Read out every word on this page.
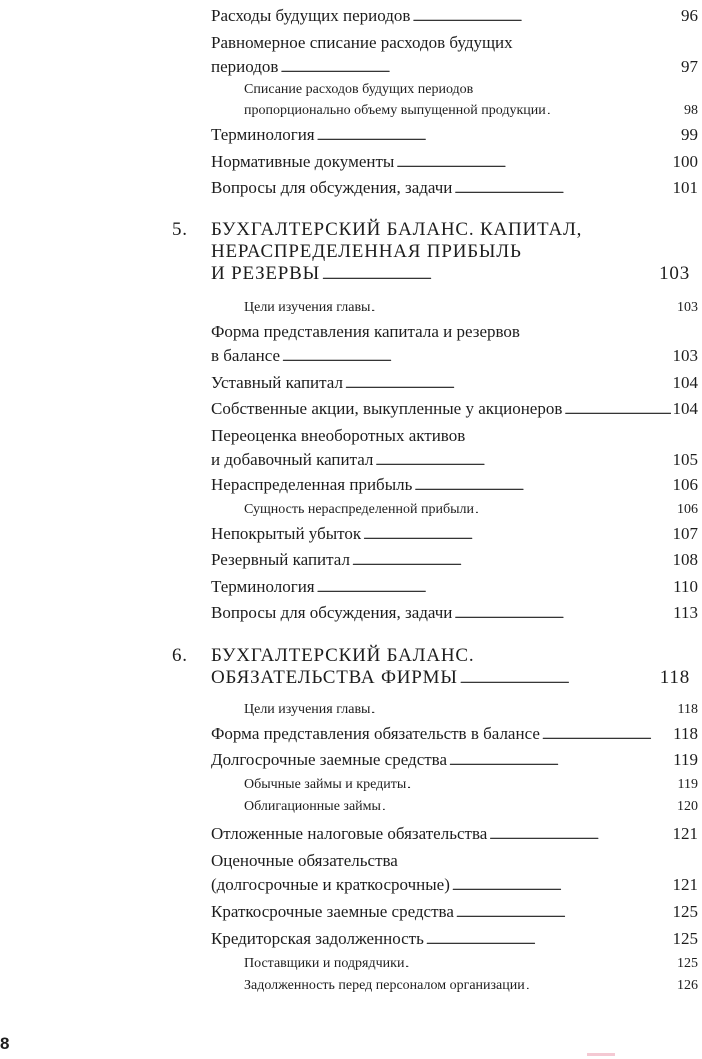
Расходы будущих периодов . . .	96
Равномерное списание расходов будущих
периодов . . .	97
Списание расходов будущих периодов
пропорционально объему выпущенной продукции . . .	98
Терминология . . .	99
Нормативные документы . . .	100
Вопросы для обсуждения, задачи . . .	101
5. БУХГАЛТЕРСКИЙ БАЛАНС. КАПИТАЛ,
НЕРАСПРЕДЕЛЕННАЯ ПРИБЫЛЬ
И РЕЗЕРВЫ . . .	103
Цели изучения главы . . .	103
Форма представления капитала и резервов
в балансе . . .	103
Уставный капитал . . .	104
Собственные акции, выкупленные у акционеров . . .	104
Переоценка внеоборотных активов
и добавочный капитал . . .	105
Нераспределенная прибыль . . .	106
Сущность нераспределенной прибыли . . .	106
Непокрытый убыток . . .	107
Резервный капитал . . .	108
Терминология . . .	110
Вопросы для обсуждения, задачи . . .	113
6. БУХГАЛТЕРСКИЙ БАЛАНС.
ОБЯЗАТЕЛЬСТВА ФИРМЫ . . .	118
Цели изучения главы . . .	118
Форма представления обязательств в балансе . . .	118
Долгосрочные заемные средства . . .	119
Обычные займы и кредиты . . .	119
Облигационные займы . . .	120
Отложенные налоговые обязательства . . .	121
Оценочные обязательства
(долгосрочные и краткосрочные) . . .	121
Краткосрочные заемные средства . . .	125
Кредиторская задолженность . . .	125
Поставщики и подрядчики . . .	125
Задолженность перед персоналом организации . . .	126
8
